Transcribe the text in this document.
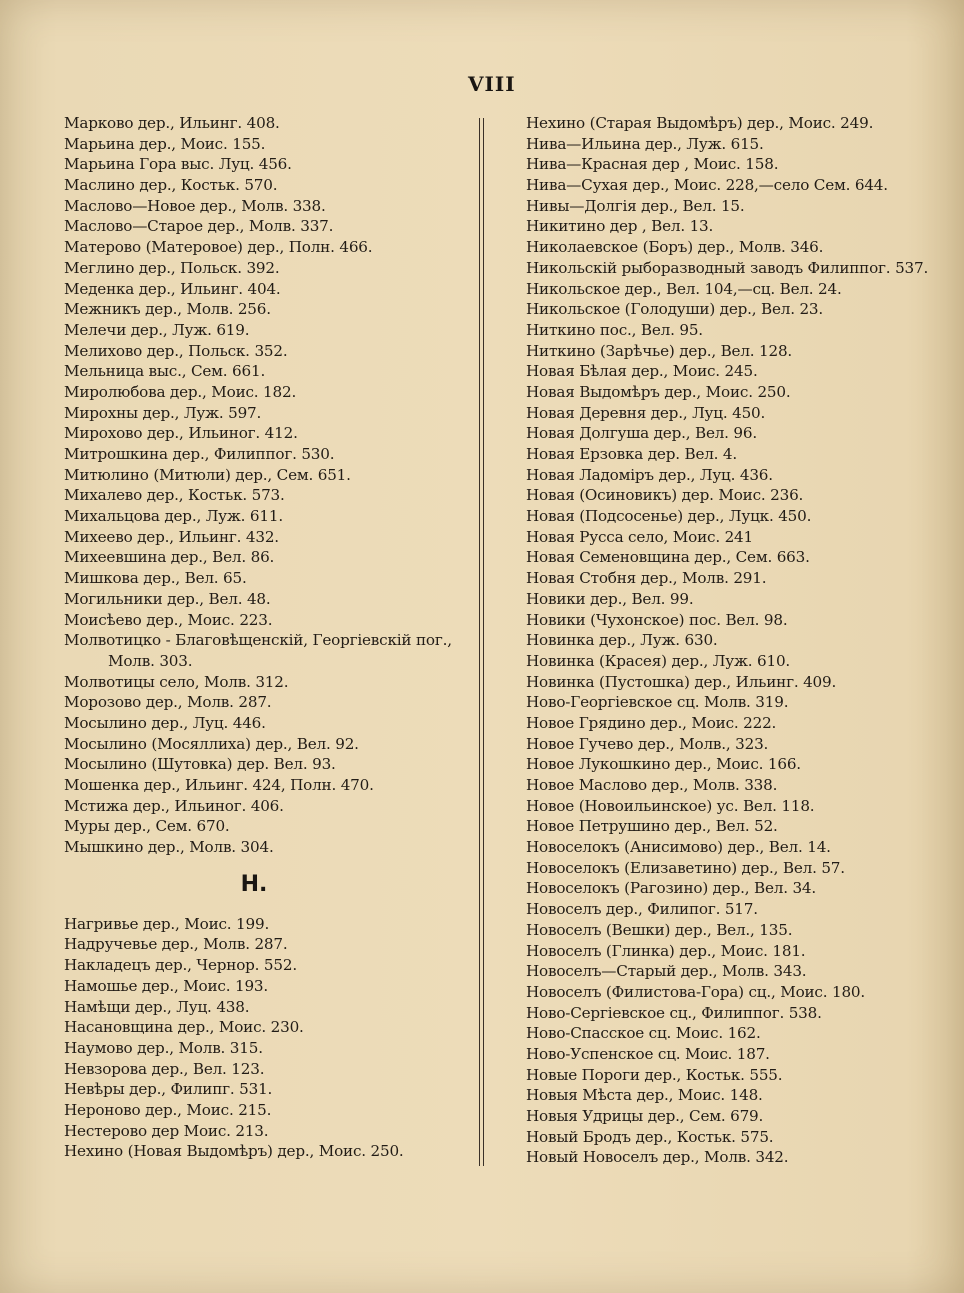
VIII
Марково дер., Ильинг. 408.
Марьина дер., Моис. 155.
Марьина Гора выс. Луц. 456.
Маслино дер., Костьк. 570.
Маслово—Новое дер., Молв. 338.
Маслово—Старое дер., Молв. 337.
Матерово (Матеровое) дер., Полн. 466.
Меглино дер., Польск. 392.
Меденка дер., Ильинг. 404.
Межникъ дер., Молв. 256.
Мелечи дер., Луж. 619.
Мелихово дер., Польск. 352.
Мельница выс., Сем. 661.
Миролюбова дер., Моис. 182.
Мирохны дер., Луж. 597.
Мирохово дер., Ильиног. 412.
Митрошкина дер., Филиппог. 530.
Митюлино (Митюли) дер., Сем. 651.
Михалево дер., Костьк. 573.
Михальцова дер., Луж. 611.
Михеево дер., Ильинг. 432.
Михеевшина дер., Вел. 86.
Мишкова дер., Вел. 65.
Могильники дер., Вел. 48.
Моисѣево дер., Моис. 223.
Молвотицко - Благовѣщенскій, Георгіевскій пог.,
Молв. 303.
Молвотицы село, Молв. 312.
Морозово дер., Молв. 287.
Мосылино дер., Луц. 446.
Мосылино (Мосяллиха) дер., Вел. 92.
Мосылино (Шутовка) дер. Вел. 93.
Мошенка дер., Ильинг. 424, Полн. 470.
Мстижа дер., Ильиног. 406.
Муры дер., Сем. 670.
Мышкино дер., Молв. 304.
Н.
Нагривье дер., Моис. 199.
Надручевье дер., Молв. 287.
Накладецъ дер., Чернор. 552.
Намошье дер., Моис. 193.
Намѣщи дер., Луц. 438.
Насановщина дер., Моис. 230.
Наумово дер., Молв. 315.
Невзорова дер., Вел. 123.
Невѣры дер., Филипг. 531.
Нероново дер., Моис. 215.
Нестерово дер Моис. 213.
Нехино (Новая Выдомѣръ) дер., Моис. 250.
Нехино (Старая Выдомѣръ) дер., Моис. 249.
Нива—Ильина дер., Луж. 615.
Нива—Красная дер , Моис. 158.
Нива—Сухая дер., Моис. 228,—село Сем. 644.
Нивы—Долгія дер., Вел. 15.
Никитино дер , Вел. 13.
Николаевское (Боръ) дер., Молв. 346.
Никольскій рыборазводный заводъ Филиппог. 537.
Никольское дер., Вел. 104,—сц. Вел. 24.
Никольское (Голодуши) дер., Вел. 23.
Ниткино пос., Вел. 95.
Ниткино (Зарѣчье) дер., Вел. 128.
Новая Бѣлая дер., Моис. 245.
Новая Выдомѣръ дер., Моис. 250.
Новая Деревня дер., Луц. 450.
Новая Долгуша дер., Вел. 96.
Новая Ерзовка дер. Вел. 4.
Новая Ладоміръ дер., Луц. 436.
Новая (Осиновикъ) дер. Моис. 236.
Новая (Подсосенье) дер., Луцк. 450.
Новая Русса село, Моис. 241
Новая Семеновщина дер., Сем. 663.
Новая Стобня дер., Молв. 291.
Новики дер., Вел. 99.
Новики (Чухонское) пос. Вел. 98.
Новинка дер., Луж. 630.
Новинка (Красея) дер., Луж. 610.
Новинка (Пустошка) дер., Ильинг. 409.
Ново-Георгіевское сц. Молв. 319.
Новое Грядино дер., Моис. 222.
Новое Гучево дер., Молв., 323.
Новое Лукошкино дер., Моис. 166.
Новое Маслово дер., Молв. 338.
Новое (Новоильинское) ус. Вел. 118.
Новое Петрушино дер., Вел. 52.
Новоселокъ (Анисимово) дер., Вел. 14.
Новоселокъ (Елизаветино) дер., Вел. 57.
Новоселокъ (Рагозино) дер., Вел. 34.
Новоселъ дер., Филипог. 517.
Новоселъ (Вешки) дер., Вел., 135.
Новоселъ (Глинка) дер., Моис. 181.
Новоселъ—Старый дер., Молв. 343.
Новоселъ (Филистова-Гора) сц., Моис. 180.
Ново-Сергіевское сц., Филиппог. 538.
Ново-Спасское сц. Моис. 162.
Ново-Успенское сц. Моис. 187.
Новые Пороги дер., Костьк. 555.
Новыя Мѣста дер., Моис. 148.
Новыя Удрицы дер., Сем. 679.
Новый Бродъ дер., Костьк. 575.
Новый Новоселъ дер., Молв. 342.
